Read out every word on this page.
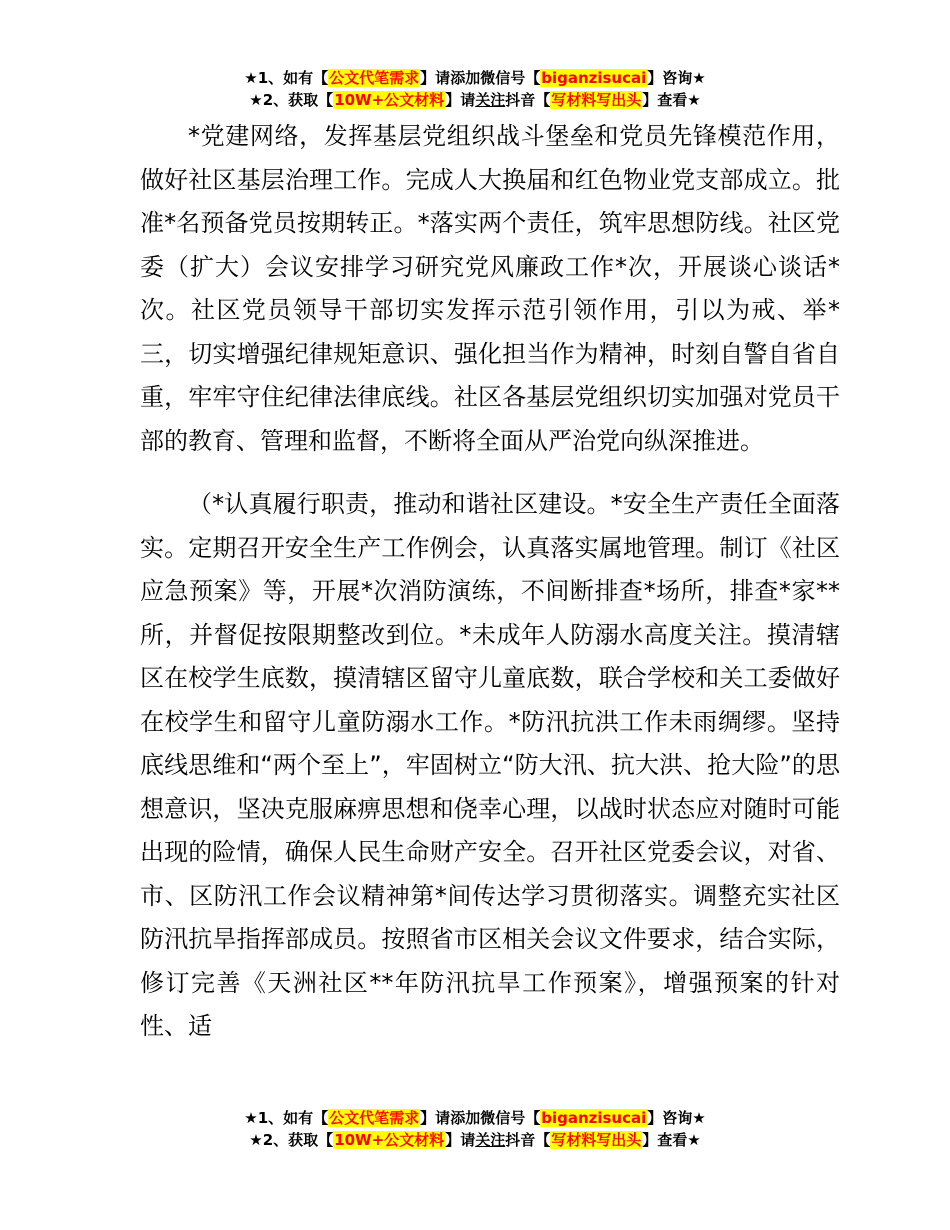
★1、如有【公文代笔需求】请添加微信号【biganzisucai】咨询★
★2、获取【10W+公文材料】请关注抖音【写材料写出头】查看★

*党建网络，发挥基层党组织战斗堡垒和党员先锋模范作用，做好社区基层治理工作。完成人大换届和红色物业党支部成立。批准*名预备党员按期转正。*落实两个责任，筑牢思想防线。社区党委（扩大）会议安排学习研究党风廉政工作*次，开展谈心谈话*次。社区党员领导干部切实发挥示范引领作用，引以为戒、举*三，切实增强纪律规矩意识、强化担当作为精神，时刻自警自省自重，牢牢守住纪律法律底线。社区各基层党组织切实加强对党员干部的教育、管理和监督，不断将全面从严治党向纵深推进。

（*认真履行职责，推动和谐社区建设。*安全生产责任全面落实。定期召开安全生产工作例会，认真落实属地管理。制订《社区应急预案》等，开展*次消防演练，不间断排查*场所，排查*家**所，并督促按限期整改到位。*未成年人防溺水高度关注。摸清辖区在校学生底数，摸清辖区留守儿童底数，联合学校和关工委做好在校学生和留守儿童防溺水工作。*防汛抗洪工作未雨绸缪。坚持底线思维和“两个至上”，牢固树立“防大汛、抗大洪、抢大险”的思想意识，坚决克服麻痹思想和侥幸心理，以战时状态应对随时可能出现的险情，确保人民生命财产安全。召开社区党委会议，对省、市、区防汛工作会议精神第*间传达学习贯彻落实。调整充实社区防汛抗旱指挥部成员。按照省市区相关会议文件要求，结合实际，修订完善《天洲社区**年防汛抗旱工作预案》，增强预案的针对性、适

★1、如有【公文代笔需求】请添加微信号【biganzisucai】咨询★
★2、获取【10W+公文材料】请关注抖音【写材料写出头】查看★
